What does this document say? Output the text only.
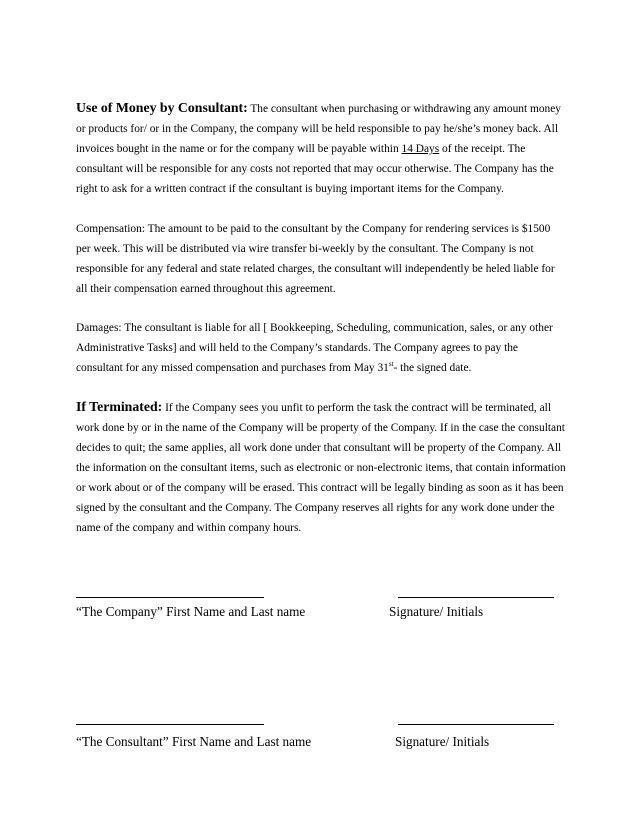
Use of Money by Consultant: The consultant when purchasing or withdrawing any amount money or products for/ or in the Company, the company will be held responsible to pay he/she’s money back. All invoices bought in the name or for the company will be payable within 14 Days of the receipt. The consultant will be responsible for any costs not reported that may occur otherwise. The Company has the right to ask for a written contract if the consultant is buying important items for the Company.

Compensation: The amount to be paid to the consultant by the Company for rendering services is $1500 per week. This will be distributed via wire transfer bi-weekly by the consultant. The Company is not responsible for any federal and state related charges, the consultant will independently be heled liable for all their compensation earned throughout this agreement.

Damages: The consultant is liable for all [ Bookkeeping, Scheduling, communication, sales, or any other Administrative Tasks] and will held to the Company’s standards. The Company agrees to pay the consultant for any missed compensation and purchases from May 31st- the signed date.

If Terminated: If the Company sees you unfit to perform the task the contract will be terminated, all work done by or in the name of the Company will be property of the Company. If in the case the consultant decides to quit; the same applies, all work done under that consultant will be property of the Company. All the information on the consultant items, such as electronic or non-electronic items, that contain information or work about or of the company will be erased. This contract will be legally binding as soon as it has been signed by the consultant and the Company. The Company reserves all rights for any work done under the name of the company and within company hours.

“The Company” First Name and Last name	Signature/ Initials
“The Consultant” First Name and Last name	Signature/ Initials
